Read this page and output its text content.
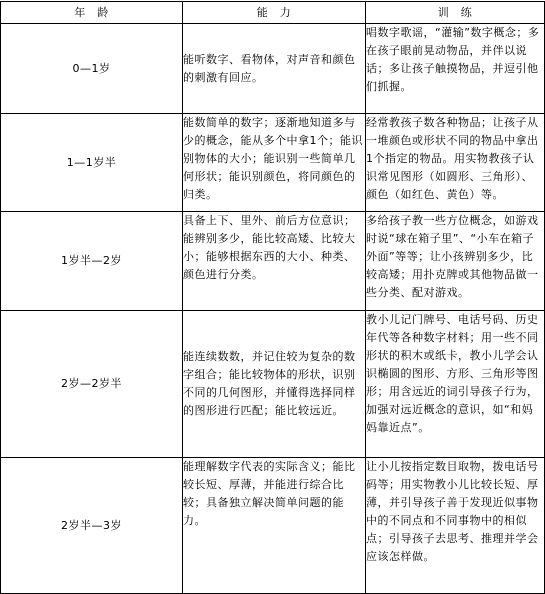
年　龄	能　力	训　练
0—1岁	能听数字、看物体，对声音和颜色的刺激有回应。	唱数字歌谣，“灌输”数字概念；多在孩子眼前晃动物品，并伴以说话；多让孩子触摸物品，并逗引他们抓握。
1—1岁半	能数简单的数字；逐渐地知道多与少的概念，能从多个中拿1个；能识别物体的大小；能识别一些简单几何形状；能识别颜色，将同颜色的归类。	经常教孩子数各种物品；让孩子从一堆颜色或形状不同的物品中拿出1个指定的物品。用实物教孩子认识常见图形（如圆形、三角形）、颜色（如红色、黄色）等。
1岁半—2岁	具备上下、里外、前后方位意识；能辨别多少，能比较高矮、比较大小；能够根据东西的大小、种类、颜色进行分类。	多给孩子教一些方位概念，如游戏时说“球在箱子里”、“小车在箱子外面”等等；让小孩辨别多少，比较高矮；用扑克牌或其他物品做一些分类、配对游戏。
2岁—2岁半	能连续数数，并记住较为复杂的数字组合；能比较物体的形状，识别不同的几何图形，并懂得选择同样的图形进行匹配；能比较远近。	教小儿记门牌号、电话号码、历史年代等各种数字材料；用一些不同形状的积木或纸卡，教小儿学会认识椭圆的图形、方形、三角形等图形；用含远近的词引导孩子行为，加强对远近概念的意识，如“和妈妈靠近点”。
2岁半—3岁	能理解数字代表的实际含义；能比较长短、厚薄，并能进行综合比较；具备独立解决简单问题的能力。	让小儿按指定数目取物，拨电话号码等；用实物教小儿比较长短、厚薄，并引导孩子善于发现近似事物中的不同点和不同事物中的相似点；引导孩子去思考、推理并学会应该怎样做。
